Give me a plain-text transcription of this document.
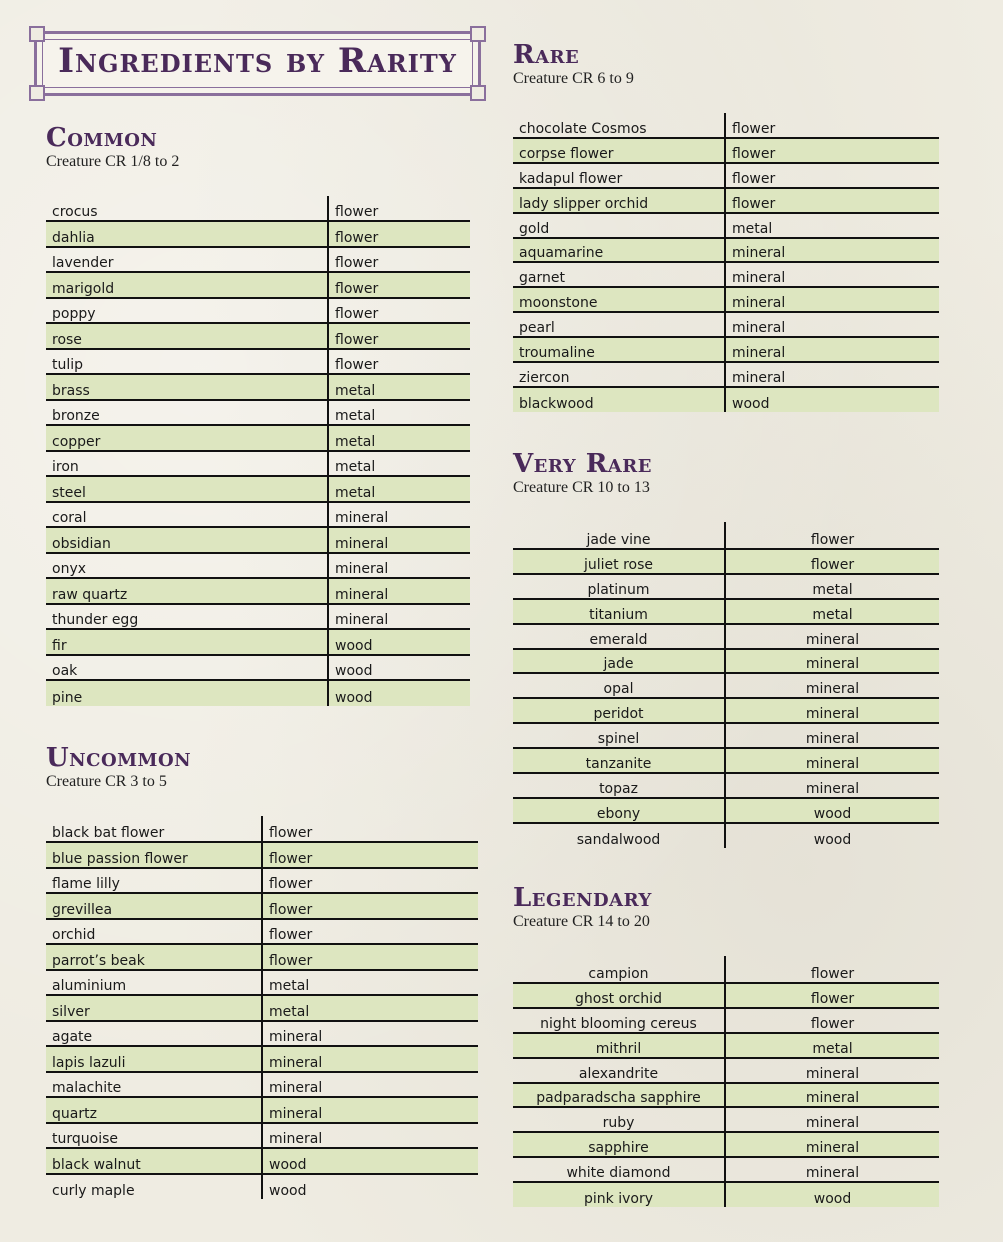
Ingredients by Rarity
Common
Creature CR 1/8 to 2
crocus	flower
dahlia	flower
lavender	flower
marigold	flower
poppy	flower
rose	flower
tulip	flower
brass	metal
bronze	metal
copper	metal
iron	metal
steel	metal
coral	mineral
obsidian	mineral
onyx	mineral
raw quartz	mineral
thunder egg	mineral
fir	wood
oak	wood
pine	wood
Uncommon
Creature CR 3 to 5
black bat flower	flower
blue passion flower	flower
flame lilly	flower
grevillea	flower
orchid	flower
parrot’s beak	flower
aluminium	metal
silver	metal
agate	mineral
lapis lazuli	mineral
malachite	mineral
quartz	mineral
turquoise	mineral
black walnut	wood
curly maple	wood
Rare
Creature CR 6 to 9
chocolate Cosmos	flower
corpse flower	flower
kadapul flower	flower
lady slipper orchid	flower
gold	metal
aquamarine	mineral
garnet	mineral
moonstone	mineral
pearl	mineral
troumaline	mineral
ziercon	mineral
blackwood	wood
Very Rare
Creature CR 10 to 13
jade vine	flower
juliet rose	flower
platinum	metal
titanium	metal
emerald	mineral
jade	mineral
opal	mineral
peridot	mineral
spinel	mineral
tanzanite	mineral
topaz	mineral
ebony	wood
sandalwood	wood
Legendary
Creature CR 14 to 20
campion	flower
ghost orchid	flower
night blooming cereus	flower
mithril	metal
alexandrite	mineral
padparadscha sapphire	mineral
ruby	mineral
sapphire	mineral
white diamond	mineral
pink ivory	wood
